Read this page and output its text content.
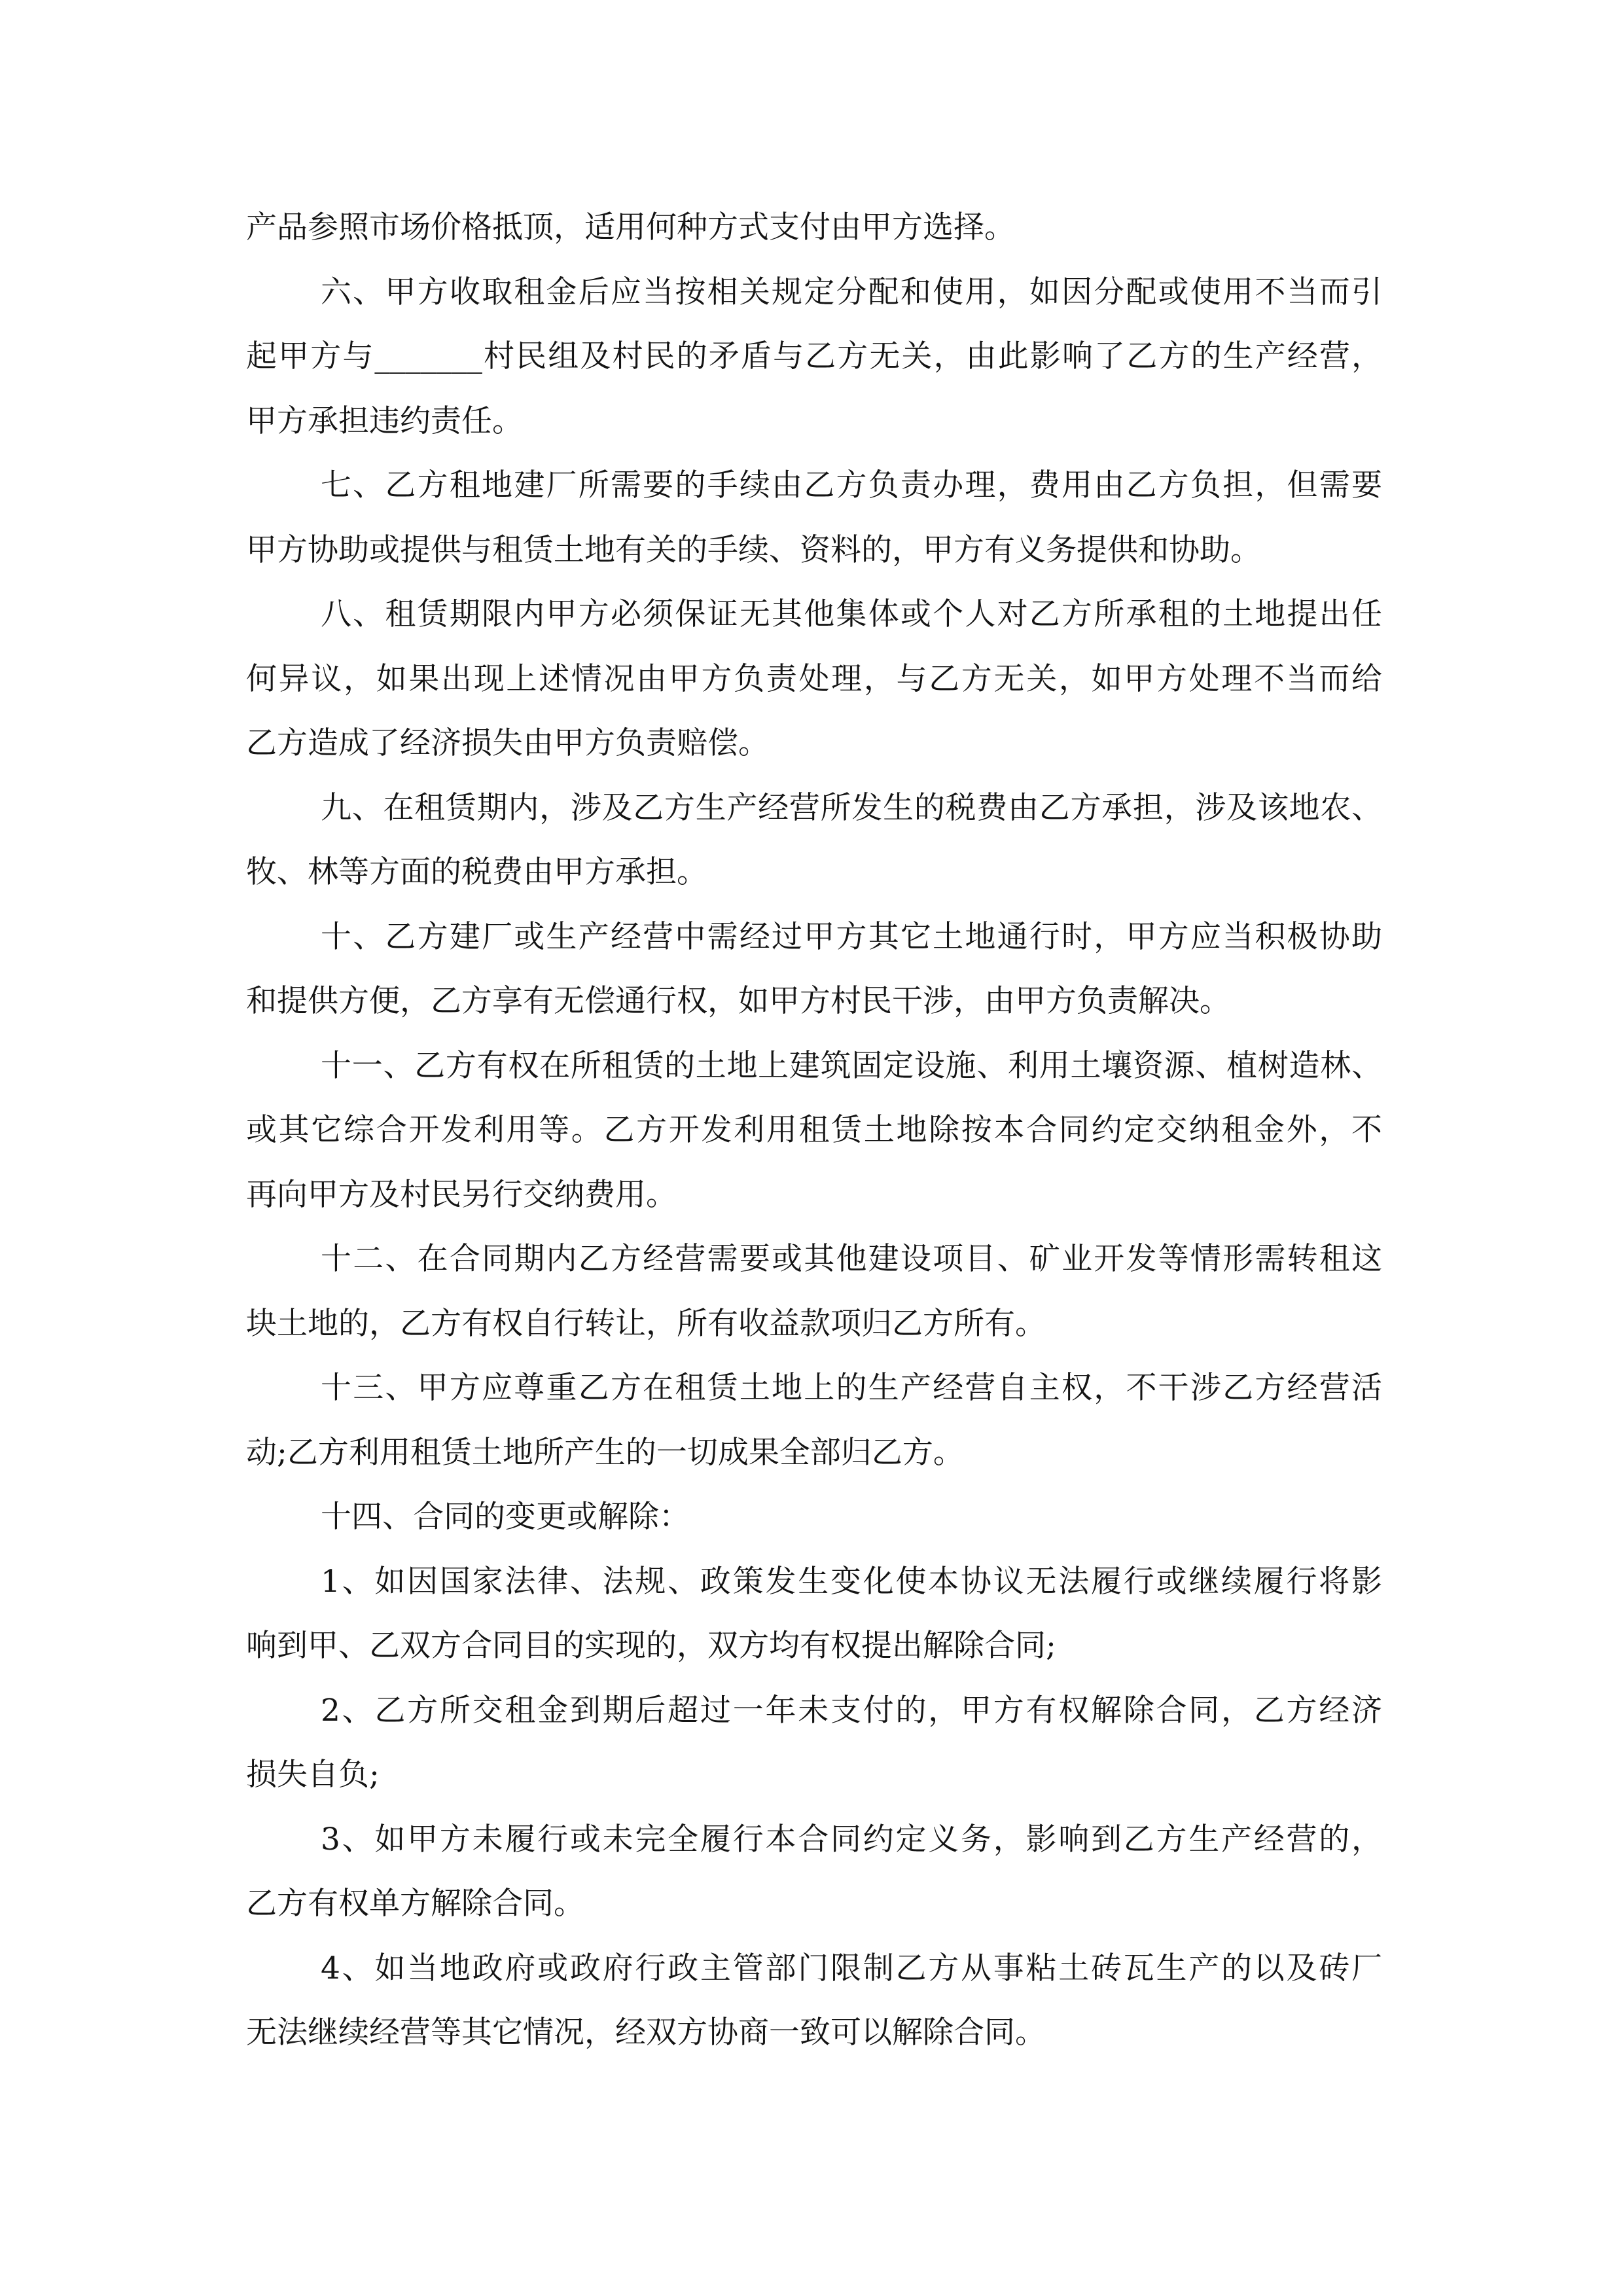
产品参照市场价格抵顶，适用何种方式支付由甲方选择。
六、甲方收取租金后应当按相关规定分配和使用，如因分配或使用不当而引
起甲方与_______村民组及村民的矛盾与乙方无关，由此影响了乙方的生产经营，
甲方承担违约责任。
七、乙方租地建厂所需要的手续由乙方负责办理，费用由乙方负担，但需要
甲方协助或提供与租赁土地有关的手续、资料的，甲方有义务提供和协助。
八、租赁期限内甲方必须保证无其他集体或个人对乙方所承租的土地提出任
何异议，如果出现上述情况由甲方负责处理，与乙方无关，如甲方处理不当而给
乙方造成了经济损失由甲方负责赔偿。
九、在租赁期内，涉及乙方生产经营所发生的税费由乙方承担，涉及该地农、
牧、林等方面的税费由甲方承担。
十、乙方建厂或生产经营中需经过甲方其它土地通行时，甲方应当积极协助
和提供方便，乙方享有无偿通行权，如甲方村民干涉，由甲方负责解决。
十一、乙方有权在所租赁的土地上建筑固定设施、利用土壤资源、植树造林、
或其它综合开发利用等。乙方开发利用租赁土地除按本合同约定交纳租金外，不
再向甲方及村民另行交纳费用。
十二、在合同期内乙方经营需要或其他建设项目、矿业开发等情形需转租这
块土地的，乙方有权自行转让，所有收益款项归乙方所有。
十三、甲方应尊重乙方在租赁土地上的生产经营自主权，不干涉乙方经营活
动;乙方利用租赁土地所产生的一切成果全部归乙方。
十四、合同的变更或解除：
1、如因国家法律、法规、政策发生变化使本协议无法履行或继续履行将影
响到甲、乙双方合同目的实现的，双方均有权提出解除合同;
2、乙方所交租金到期后超过一年未支付的，甲方有权解除合同，乙方经济
损失自负;
3、如甲方未履行或未完全履行本合同约定义务，影响到乙方生产经营的，
乙方有权单方解除合同。
4、如当地政府或政府行政主管部门限制乙方从事粘土砖瓦生产的以及砖厂
无法继续经营等其它情况，经双方协商一致可以解除合同。
